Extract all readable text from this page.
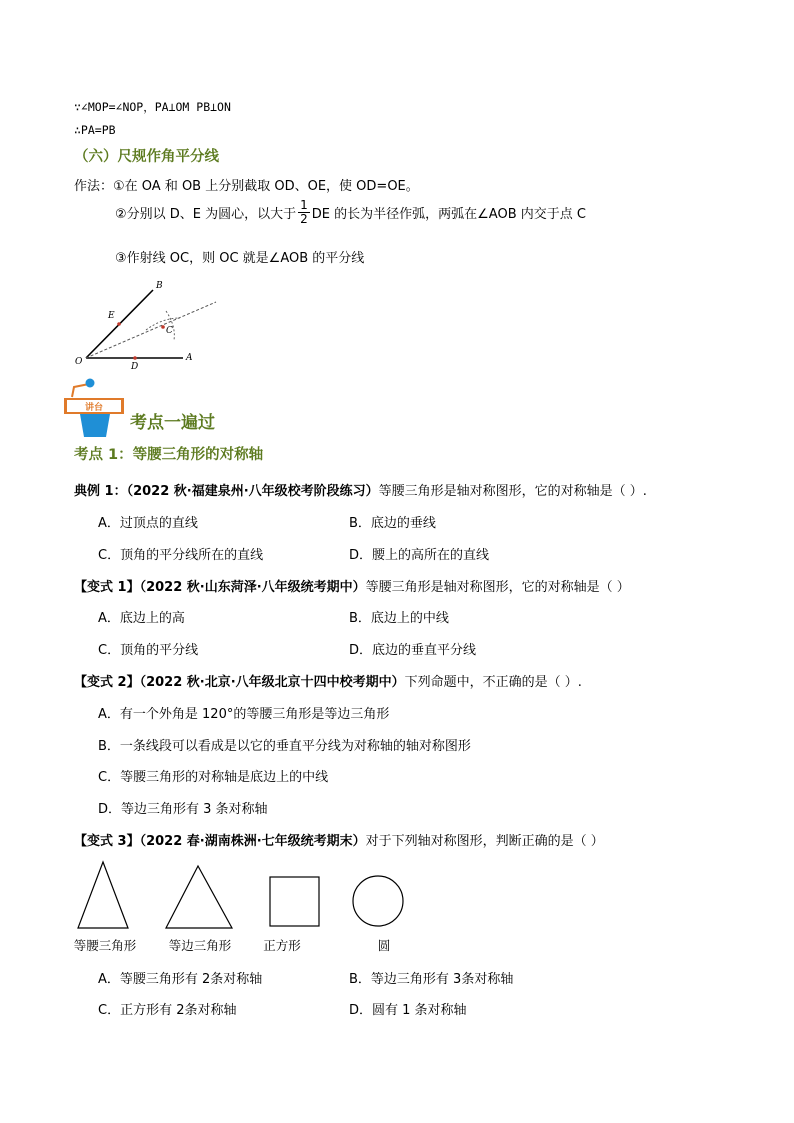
∵∠MOP=∠NOP，PA⊥OM PB⊥ON
∴PA=PB
（六）尺规作角平分线
作法：①在 OA 和 OB 上分别截取 OD、OE，使 OD=OE。
②分别以 D、E 为圆心，以大于 $\frac{1}{2}$ DE 的长为半径作弧，两弧在∠AOB 内交于点 C
③作射线 OC，则 OC 就是∠AOB 的平分线
B
E
C
O	D
A
讲台
考点一遍过
考点 1：等腰三角形的对称轴
典例 1：（2022 秋·福建泉州·八年级校考阶段练习）等腰三角形是轴对称图形，它的对称轴是（ ）.
A．过顶点的直线	B．底边的垂线
C．顶角的平分线所在的直线	D．腰上的高所在的直线
【变式 1】（2022 秋·山东菏泽·八年级统考期中）等腰三角形是轴对称图形，它的对称轴是（ ）
A．底边上的高	B．底边上的中线
C．顶角的平分线	D．底边的垂直平分线
【变式 2】（2022 秋·北京·八年级北京十四中校考期中）下列命题中，不正确的是（ ）.
A．有一个外角是 120°的等腰三角形是等边三角形
B．一条线段可以看成是以它的垂直平分线为对称轴的轴对称图形
C．等腰三角形的对称轴是底边上的中线
D．等边三角形有 3 条对称轴
【变式 3】（2022 春·湖南株洲·七年级统考期末）对于下列轴对称图形，判断正确的是（ ）
等腰三角形	等边三角形	正方形	圆
A．等腰三角形有 2条对称轴	B．等边三角形有 3条对称轴
C．正方形有 2条对称轴	D．圆有 1 条对称轴
